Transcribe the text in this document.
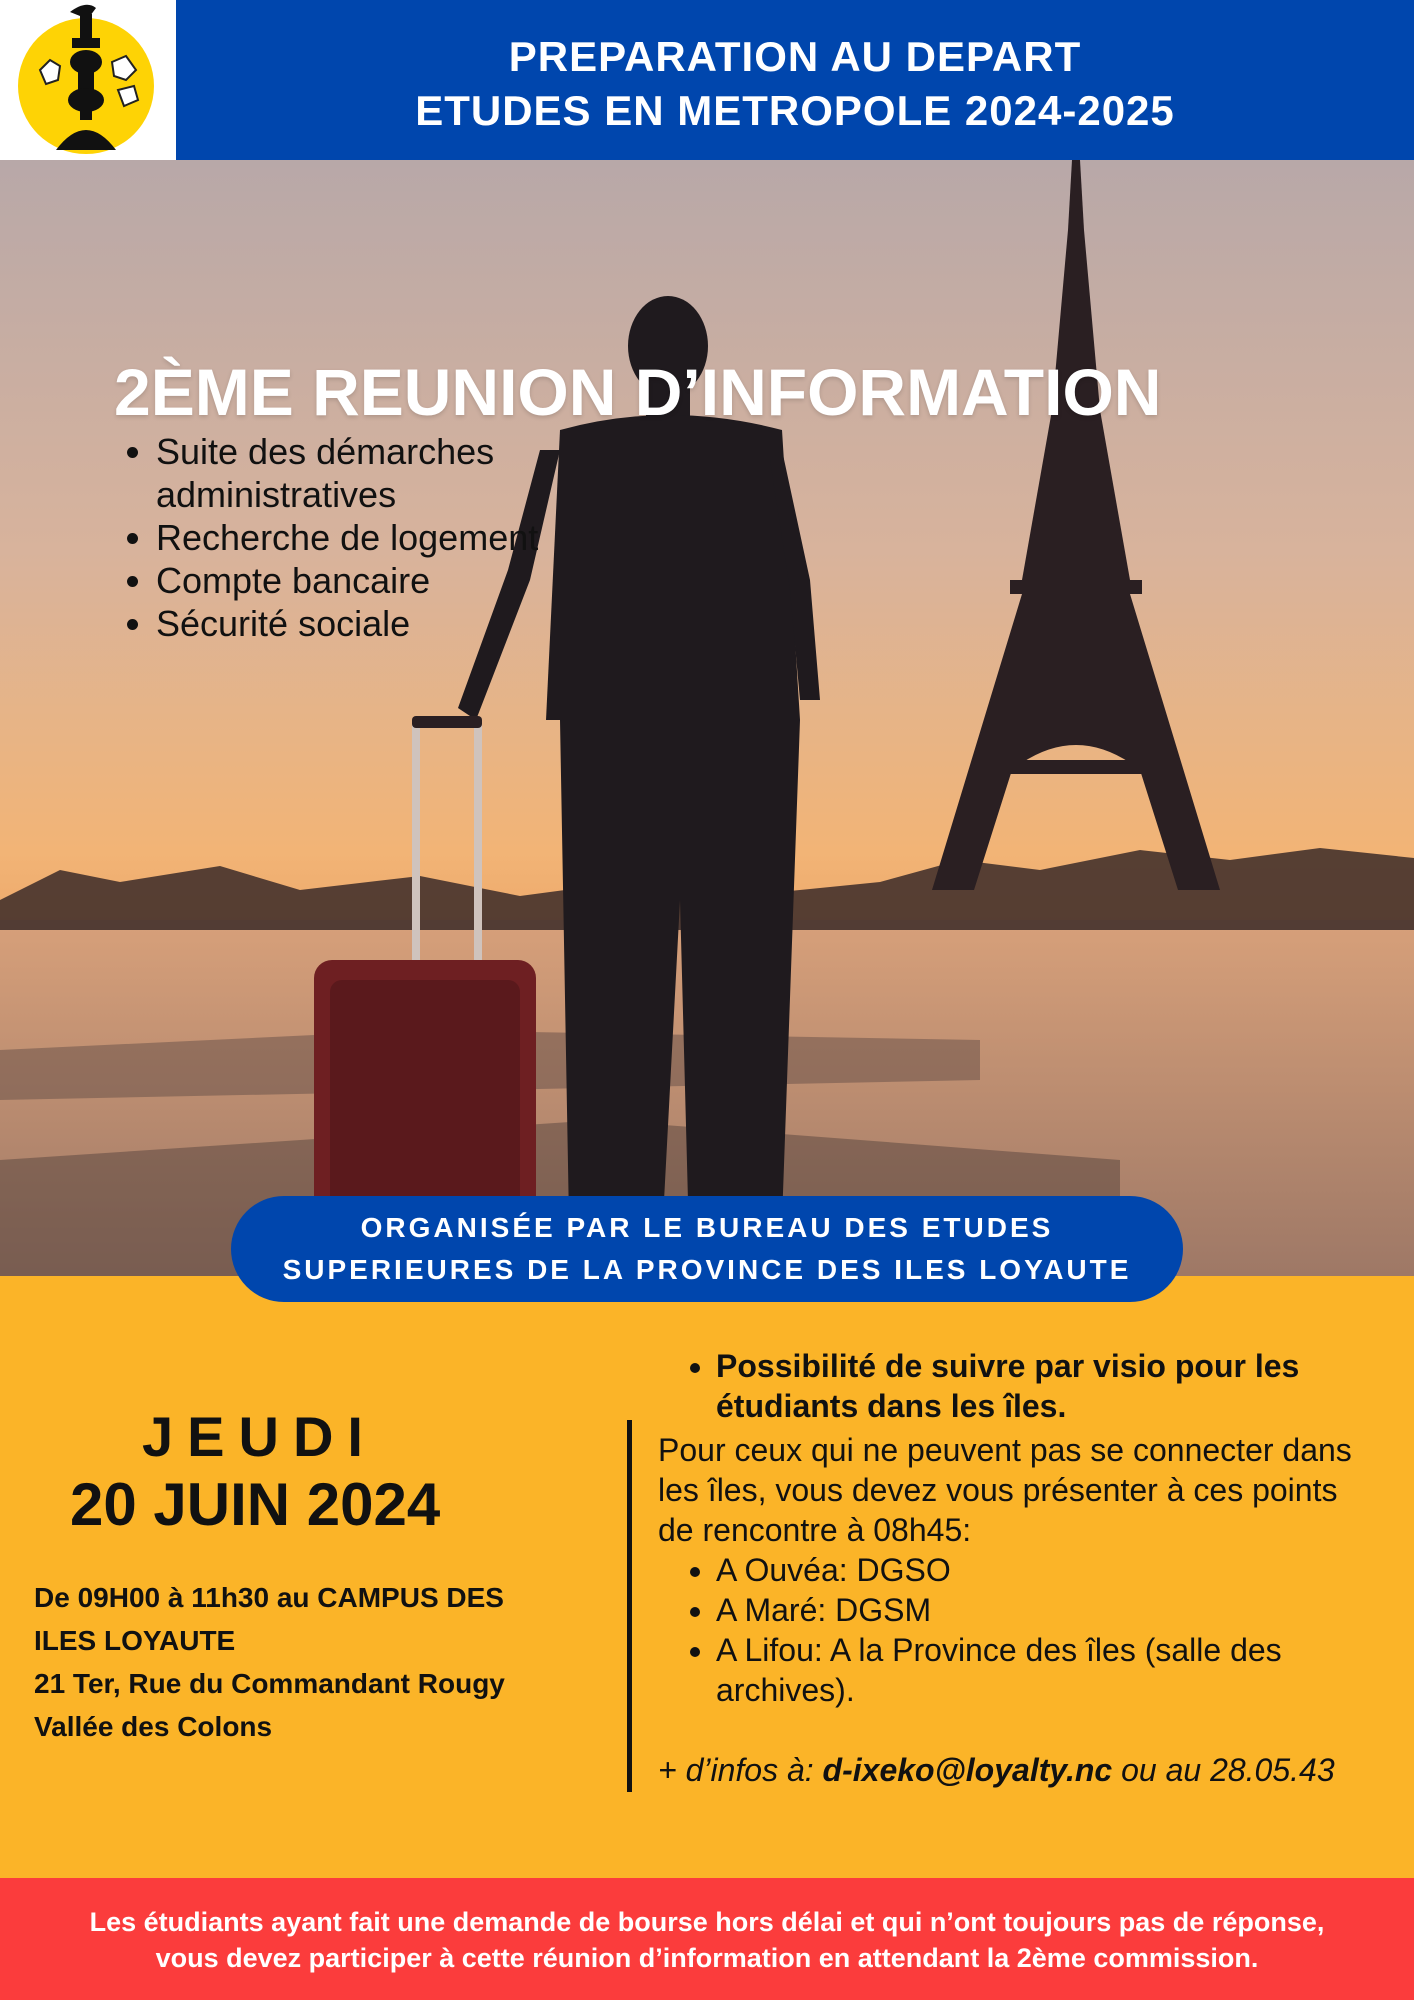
PREPARATION AU DEPART
ETUDES EN METROPOLE 2024-2025
2ÈME REUNION D’INFORMATION
• Suite des démarches administratives
• Recherche de logement
• Compte bancaire
• Sécurité sociale
ORGANISÉE PAR LE BUREAU DES ETUDES
SUPERIEURES DE LA PROVINCE DES ILES LOYAUTE
JEUDI
20 JUIN 2024
De 09H00 à 11h30 au CAMPUS DES
ILES LOYAUTE
21 Ter, Rue du Commandant Rougy
Vallée des Colons
• Possibilité de suivre par visio pour les étudiants dans les îles.
Pour ceux qui ne peuvent pas se connecter dans les îles, vous devez vous présenter à ces points de rencontre à 08h45:
• A Ouvéa: DGSO
• A Maré: DGSM
• A Lifou: A la Province des îles (salle des archives).
+ d’infos à: d-ixeko@loyalty.nc ou au 28.05.43
Les étudiants ayant fait une demande de bourse hors délai et qui n’ont toujours pas de réponse,
vous devez participer à cette réunion d’information en attendant la 2ème commission.
